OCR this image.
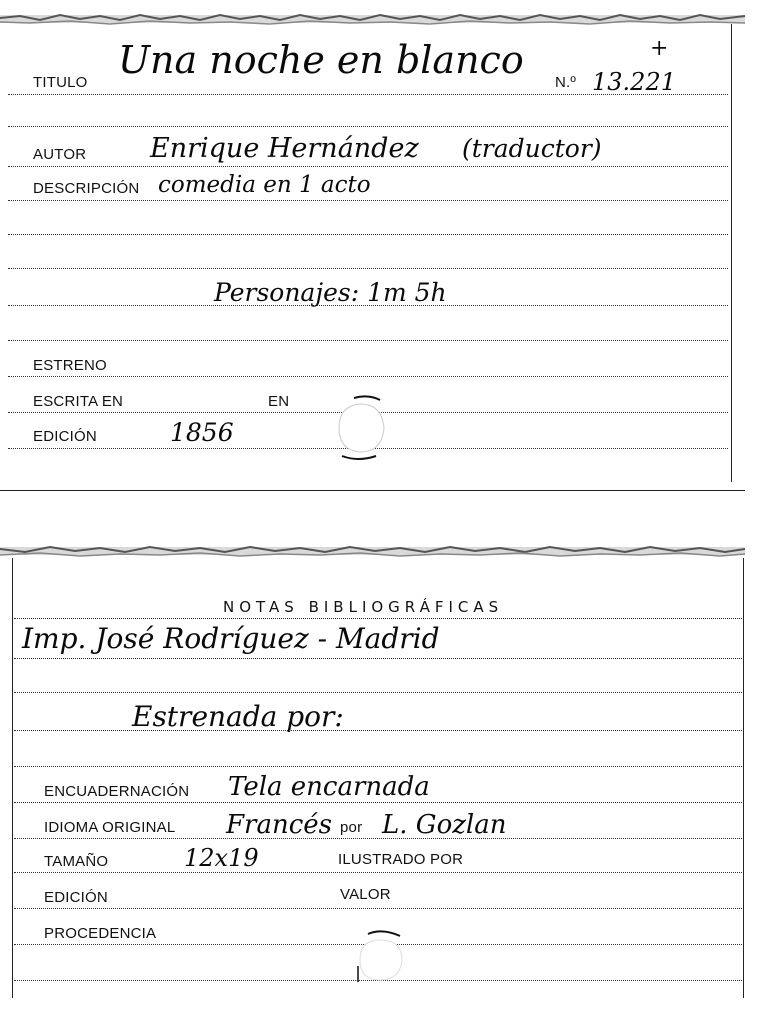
TITULO
Una noche en blanco
N.º 13.221
+
AUTOR Enrique Hernández (traductor)
DESCRIPCIÓN comedia en 1 acto
Personajes: 1m 5h
ESTRENO
ESCRITA EN	EN
EDICIÓN	1856
NOTAS BIBLIOGRÁFICAS
Imp. José Rodríguez - Madrid
Estrenada por:
ENCUADERNACIÓN Tela encarnada
IDIOMA ORIGINAL Francés por L. Gozlan
TAMAÑO	12x19	ILUSTRADO POR
EDICIÓN	VALOR
PROCEDENCIA
